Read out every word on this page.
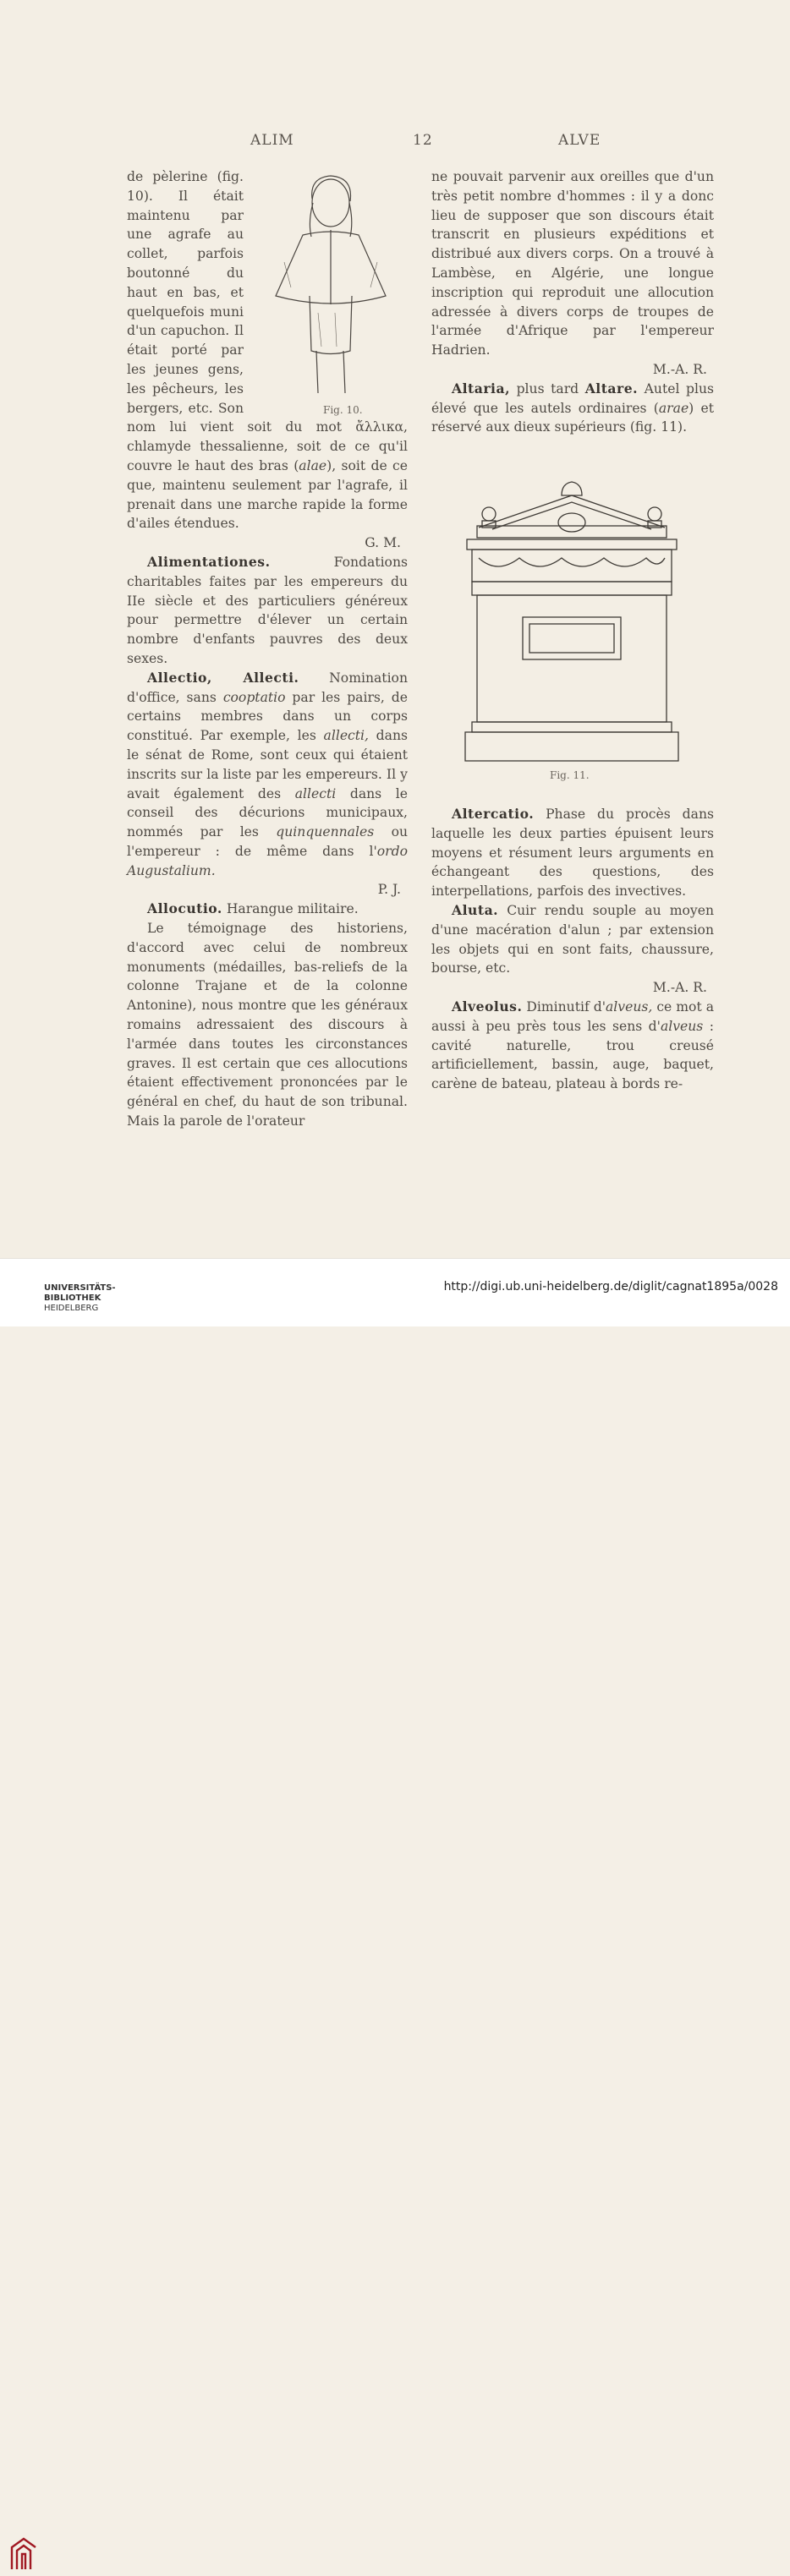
ALIM	12	ALVE

de pèlerine (fig. 10). Il était maintenu par une agrafe au collet, parfois boutonné du haut en bas, et quelquefois muni d'un capuchon. Il était porté par les jeunes gens, les pêcheurs, les bergers, etc. Son nom lui vient soit du mot ἄλλικα, chlamyde thessalienne, soit de ce qu'il couvre le haut des bras (alae), soit de ce que, maintenu seulement par l'agrafe, il prenait dans une marche rapide la forme d'ailes étendues.

G. M.

Alimentationes. Fondations charitables faites par les empereurs du IIe siècle et des particuliers généreux pour permettre d'élever un certain nombre d'enfants pauvres des deux sexes.

Allectio, Allecti. Nomination d'office, sans cooptatio par les pairs, de certains membres dans un corps constitué. Par exemple, les allecti, dans le sénat de Rome, sont ceux qui étaient inscrits sur la liste par les empereurs. Il y avait également des allecti dans le conseil des décurions municipaux, nommés par les quinquennales ou l'empereur : de même dans l'ordo Augustalium.

P. J.

Allocutio. Harangue militaire.

Le témoignage des historiens, d'accord avec celui de nombreux monuments (médailles, bas-reliefs de la colonne Trajane et de la colonne Antonine), nous montre que les généraux romains adressaient des discours à l'armée dans toutes les circonstances graves. Il est certain que ces allocutions étaient effectivement prononcées par le général en chef, du haut de son tribunal. Mais la parole de l'orateur

Fig. 10.

ne pouvait parvenir aux oreilles que d'un très petit nombre d'hommes : il y a donc lieu de supposer que son discours était transcrit en plusieurs expéditions et distribué aux divers corps. On a trouvé à Lambèse, en Algérie, une longue inscription qui reproduit une allocution adressée à divers corps de troupes de l'armée d'Afrique par l'empereur Hadrien.

M.-A. R.

Altaria, plus tard Altare. Autel plus élevé que les autels ordinaires (arae) et réservé aux dieux supérieurs (fig. 11).

Fig. 11.

Altercatio. Phase du procès dans laquelle les deux parties épuisent leurs moyens et résument leurs arguments en échangeant des questions, des interpellations, parfois des invectives.

Aluta. Cuir rendu souple au moyen d'une macération d'alun ; par extension les objets qui en sont faits, chaussure, bourse, etc.

M.-A. R.

Alveolus. Diminutif d'alveus, ce mot a aussi à peu près tous les sens d'alveus : cavité naturelle, trou creusé artificiellement, bassin, auge, baquet, carène de bateau, plateau à bords re-

UNIVERSITÄTS-
BIBLIOTHEK
HEIDELBERG
http://digi.ub.uni-heidelberg.de/diglit/cagnat1895a/0028
